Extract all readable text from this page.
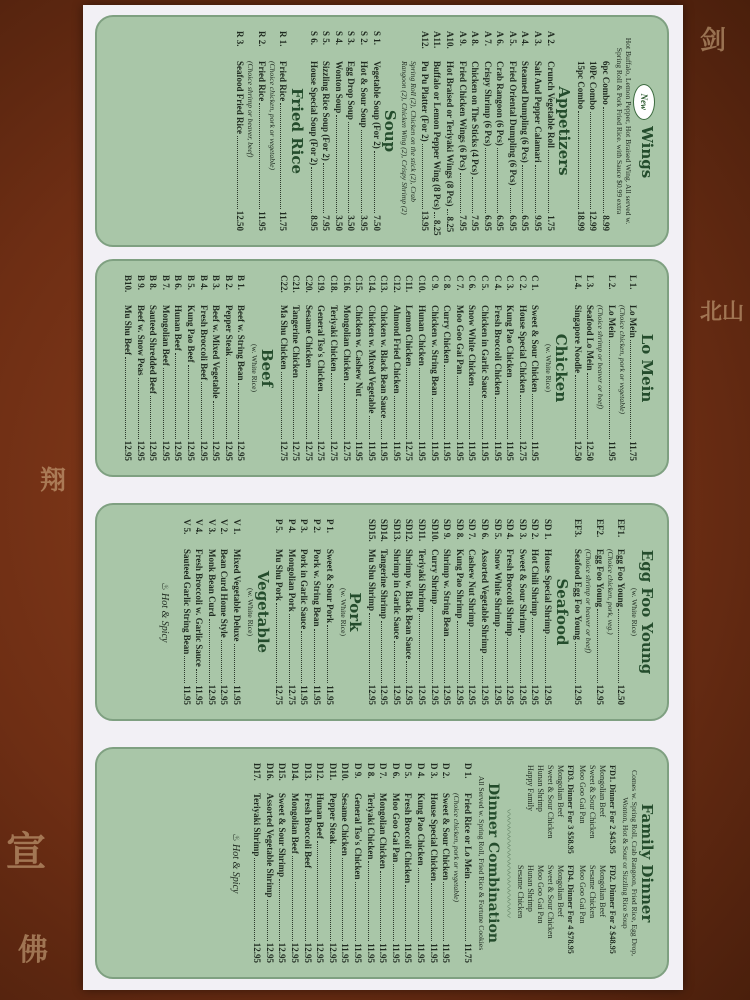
剑
北山
翔
宣
佛
New Wings
Hot Buffalo, Lemon Pepper, Hot Braised Wing. All served w. Spring Roll & Pork Fried Rice. with Sauce $0.99 extra
6pc Combo
8.99
10Pc Combo
12.99
15pc Combo
18.99
Appetizers
A 2.
Crunch Vegetable Roll
1.75
A 3.
Salt And Pepper Calamari
9.95
A 4.
Steamed Dumpling (6 Pcs)
6.95
A 5.
Fried Oriental Dumpling (6 Pcs)
6.95
A 6.
Crab Rangoon (6 Pcs)
6.95
A 7.
Crispy Shrimp (6 Pcs)
6.95
A 8.
Chicken on The Sticks (4 Pcs)
7.95
A 9.
Fried Chicken Wings (6 Pcs)
7.95
A10.
Hot Braised or Teriyaki Wings (8 Pcs)
8.25
A11.
Buffalo or Lemon Pepper Wing (8 Pcs)
8.25
A12.
Pu Pu Platter (For 2)
13.95
Spring Roll (2), Chicken on the stick (2), Crab Rangoon (2), Chicken Wing (2), Crispy Shrimp (2)
Soup
S 1.
Vegetable Soup (For 2)
7.50
S 2.
Hot & Sour Soup
3.95
S 3.
Egg Drop Soup
3.50
S 4.
Wonton Soup
3.50
S 5.
Sizzling Rice Soup (For 2)
7.95
S 6.
House Special Soup (For 2)
8.95
Fried Rice
R 1.
Fried Rice
11.75
(Choice chicken, pork or vegetable)
R 2.
Fried Rice
11.95
(Choice shrimp or beaver, beef)
R 3.
Seafood Fried Rice
12.50
Lo Mein
L 1.
Lo Mein
11.75
(Choice chicken, pork or vegetable)
L 2.
Lo Mein
11.95
(Choice shrimp or beaver or beef)
L 3.
Seafood Lo Mein
12.50
L 4.
Singapore Noodle
12.50
Chicken
(w. White Rice)
C 1.
Sweet & Sour Chicken
11.95
C 2.
House Special Chicken
12.75
C 3.
Kung Pao Chicken
11.95
C 4.
Fresh Broccoli Chicken
11.95
C 5.
Chicken in Garlic Sauce
11.95
C 6.
Snow White Chicken
11.95
C 7.
Moo Goo Gai Pan
11.95
C 8.
Curry Chicken
11.95
C 9.
Chicken w. String Bean
11.95
C10.
Hunan Chicken
11.95
C11.
Lemon Chicken
12.75
C12.
Almond Fried Chicken
11.95
C13.
Chicken w. Black Bean Sauce
11.95
C14.
Chicken w. Mixed Vegetable
11.95
C15.
Chicken w. Cashew Nut
11.95
C16.
Mongolian Chicken
12.75
C18.
Teriyaki Chicken
12.75
C19.
General Tso's Chicken
12.75
C20.
Sesame Chicken
12.75
C21.
Tangerine Chicken
12.75
C22.
Ma Shu Chicken
12.75
Beef
(w. White Rice)
B 1.
Beef w. String Bean
12.95
B 2.
Pepper Steak
12.95
B 3.
Beef w. Mixed Vegetable
12.95
B 4.
Fresh Broccoli Beef
12.95
B 5.
Kung Pao Beef
12.95
B 6.
Hunan Beef
12.95
B 7.
Mongolian Beef
12.95
B 8.
Sauteed Shredded Beef
12.95
B 9.
Beef w. Snow Peas
12.95
B10.
Mu Shu Beef
12.95
Egg Foo Young
(w. White Rice)
EF1.
Egg Foo Young
12.50
(Choice chicken, pork, veg.)
EF2.
Egg Foo Young
12.95
(Choice shrimp or beaver or beef)
EF3.
Seafood Egg Foo Young
12.95
Seafood
SD 1.
House Special Shrimp
12.95
SD 2.
Hot Chili Shrimp
12.95
SD 3.
Sweet & Sour Shrimp
12.95
SD 4.
Fresh Broccoli Shrimp
12.95
SD 5.
Snow White Shrimp
12.95
SD 6.
Assorted Vegetable Shrimp
12.95
SD 7.
Cashew Nut Shrimp
12.95
SD 8.
Kung Pao Shrimp
12.95
SD 9.
Shrimp w. String Bean
12.95
SD10.
Curry Shrimp
12.95
SD11.
Teriyaki Shrimp
12.95
SD12.
Shrimp w. Black Bean Sauce
12.95
SD13.
Shrimp in Garlic Sauce
12.95
SD14.
Tangerine Shrimp
12.95
SD15.
Mu Shu Shrimp
12.95
Pork
(w. White Rice)
P 1.
Sweet & Sour Pork
11.95
P 2.
Pork w. String Bean
11.95
P 3.
Pork in Garlic Sauce
11.95
P 4.
Mongolian Pork
12.75
P 5.
Mu Shu Pork
12.75
Vegetable
(w. White Rice)
V 1.
Mixed Vegetable Deluxe
11.95
V 2.
Bean Curd Home Style
12.95
V 3.
Monk Bean Curd
12.95
V 4.
Fresh Broccoli w. Garlic Sauce
11.95
V 5.
Sauteed Garlic String Bean
11.95
♨ Hot & Spicy
Family Dinner
Comes w. Spring Roll, Crab Rangoon, Fried Rice, Egg Drop, Wonton, Hot & Sour or Sizzling Rice Soup
FD1. Dinner For 2 $45.95
Mongolian Beef
Sweet & Sour Chicken
Moo Goo Gai Pan
FD2. Dinner For 2 $48.95
Mongolian Beef
Sesame Chicken
Moo Goo Gai Pan
FD3. Dinner For 3 $58.95
Mongolian Beef
Sweet & Sour Chicken
Hunan Shrimp
Happy Family
FD4. Dinner For 4 $78.95
Mongolian Beef
Sweet & Sour Chicken
Moo Goo Gai Pan
Hunan Shrimp
Sesame Chicken
〰〰〰〰〰〰〰〰〰〰〰〰
Dinner Combination
All Served w. Spring Roll, Fried Rice & Fortune Cookies
D 1.
Fried Rice or Lo Mein
11.75
(Choice chicken, pork or vegetable)
D 2.
Sweet & Sour Chicken
11.95
D 3.
House Special Chicken
11.95
D 4.
Kung Pao Chicken
11.95
D 5.
Fresh Broccoli Chicken
11.95
D 6.
Moo Goo Gai Pan
11.95
D 7.
Mongolian Chicken
11.95
D 8.
Teriyaki Chicken
11.95
D 9.
General Tso's Chicken
11.95
D10.
Sesame Chicken
11.95
D11.
Pepper Steak
12.95
D12.
Hunan Beef
12.95
D13.
Fresh Broccoli Beef
12.95
D14.
Mongolian Beef
12.95
D15.
Sweet & Sour Shrimp
12.95
D16.
Assorted Vegetable Shrimp
12.95
D17.
Teriyaki Shrimp
12.95
♨ Hot & Spicy
